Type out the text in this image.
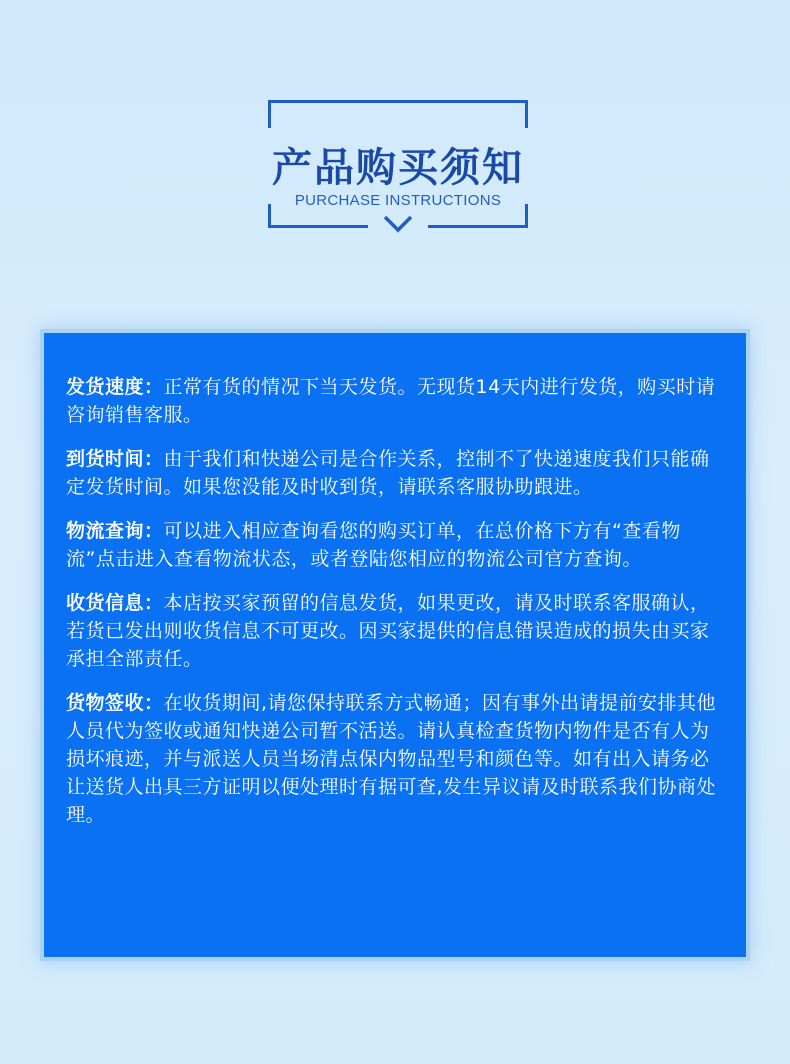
产品购买须知
PURCHASE INSTRUCTIONS

发货速度：正常有货的情况下当天发货。无现货14天内进行发货，购买时请咨询销售客服。

到货时间：由于我们和快递公司是合作关系，控制不了快递速度我们只能确定发货时间。如果您没能及时收到货，请联系客服协助跟进。

物流查询：可以进入相应查询看您的购买订单，在总价格下方有“查看物流”点击进入查看物流状态，或者登陆您相应的物流公司官方查询。

收货信息：本店按买家预留的信息发货，如果更改，请及时联系客服确认，若货已发出则收货信息不可更改。因买家提供的信息错误造成的损失由买家承担全部责任。

货物签收：在收货期间,请您保持联系方式畅通；因有事外出请提前安排其他人员代为签收或通知快递公司暂不活送。请认真检查货物内物件是否有人为损坏痕迹，并与派送人员当场清点保内物品型号和颜色等。如有出入请务必让送货人出具三方证明以便处理时有据可查,发生异议请及时联系我们协商处理。
